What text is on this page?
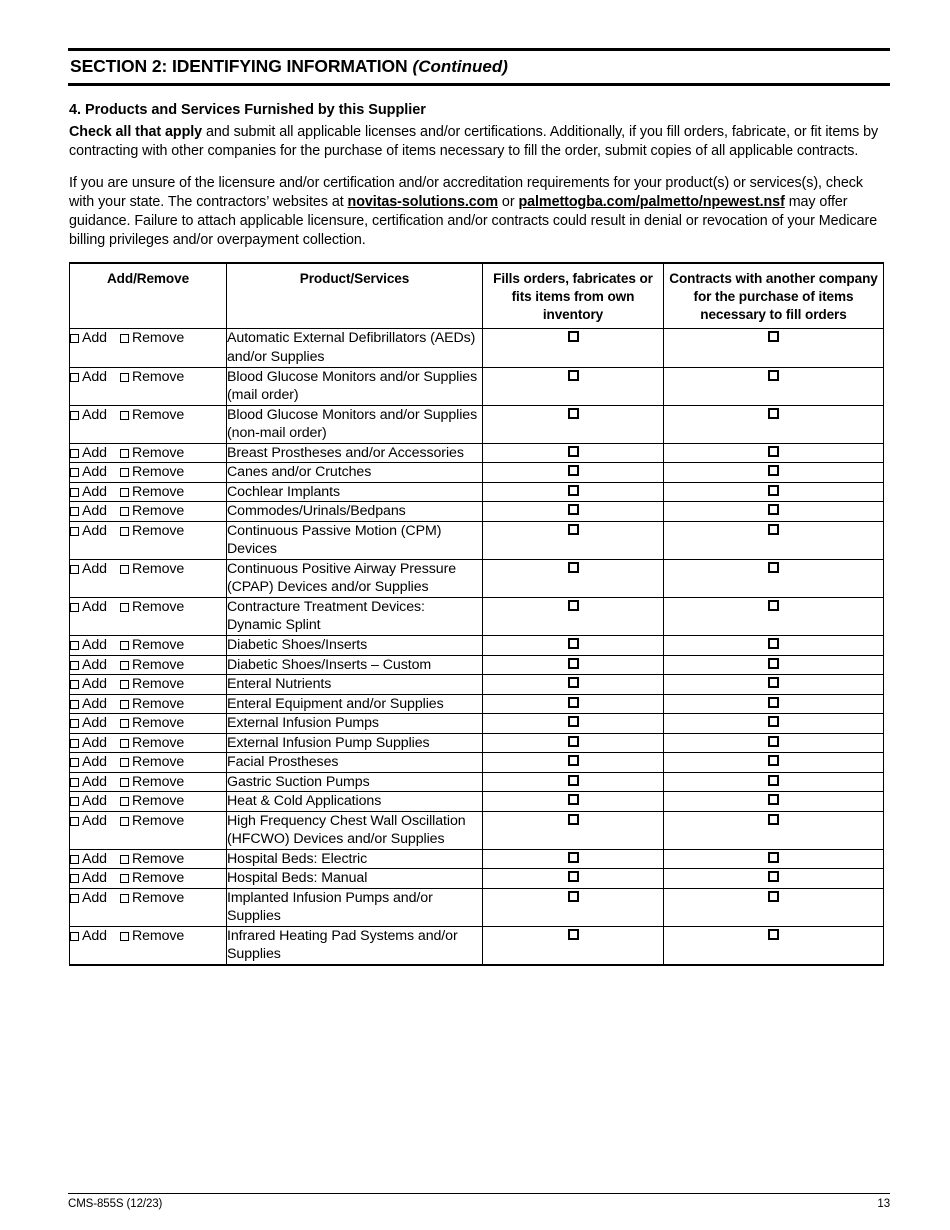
SECTION 2: IDENTIFYING INFORMATION (Continued)
4. Products and Services Furnished by this Supplier

Check all that apply and submit all applicable licenses and/or certifications. Additionally, if you fill orders, fabricate, or fit items by contracting with other companies for the purchase of items necessary to fill the order, submit copies of all applicable contracts.

If you are unsure of the licensure and/or certification and/or accreditation requirements for your product(s) or services(s), check with your state. The contractors’ websites at novitas-solutions.com or palmettogba.com/palmetto/npewest.nsf may offer guidance. Failure to attach applicable licensure, certification and/or contracts could result in denial or revocation of your Medicare billing privileges and/or overpayment collection.

Add/Remove	Product/Services	Fills orders, fabricates or fits items from own inventory	Contracts with another company for the purchase of items necessary to fill orders

Add Remove	Automatic External Defibrillators (AEDs) and/or Supplies		
Add Remove	Blood Glucose Monitors and/or Supplies (mail order)		
Add Remove	Blood Glucose Monitors and/or Supplies (non-mail order)		
Add Remove	Breast Prostheses and/or Accessories		
Add Remove	Canes and/or Crutches		
Add Remove	Cochlear Implants		
Add Remove	Commodes/Urinals/Bedpans		
Add Remove	Continuous Passive Motion (CPM) Devices		
Add Remove	Continuous Positive Airway Pressure (CPAP) Devices and/or Supplies		
Add Remove	Contracture Treatment Devices: Dynamic Splint		
Add Remove	Diabetic Shoes/Inserts		
Add Remove	Diabetic Shoes/Inserts – Custom		
Add Remove	Enteral Nutrients		
Add Remove	Enteral Equipment and/or Supplies		
Add Remove	External Infusion Pumps		
Add Remove	External Infusion Pump Supplies		
Add Remove	Facial Prostheses		
Add Remove	Gastric Suction Pumps		
Add Remove	Heat & Cold Applications		
Add Remove	High Frequency Chest Wall Oscillation (HFCWO) Devices and/or Supplies		
Add Remove	Hospital Beds: Electric		
Add Remove	Hospital Beds: Manual		
Add Remove	Implanted Infusion Pumps and/or Supplies		
Add Remove	Infrared Heating Pad Systems and/or Supplies		
CMS-855S (12/23)	13
